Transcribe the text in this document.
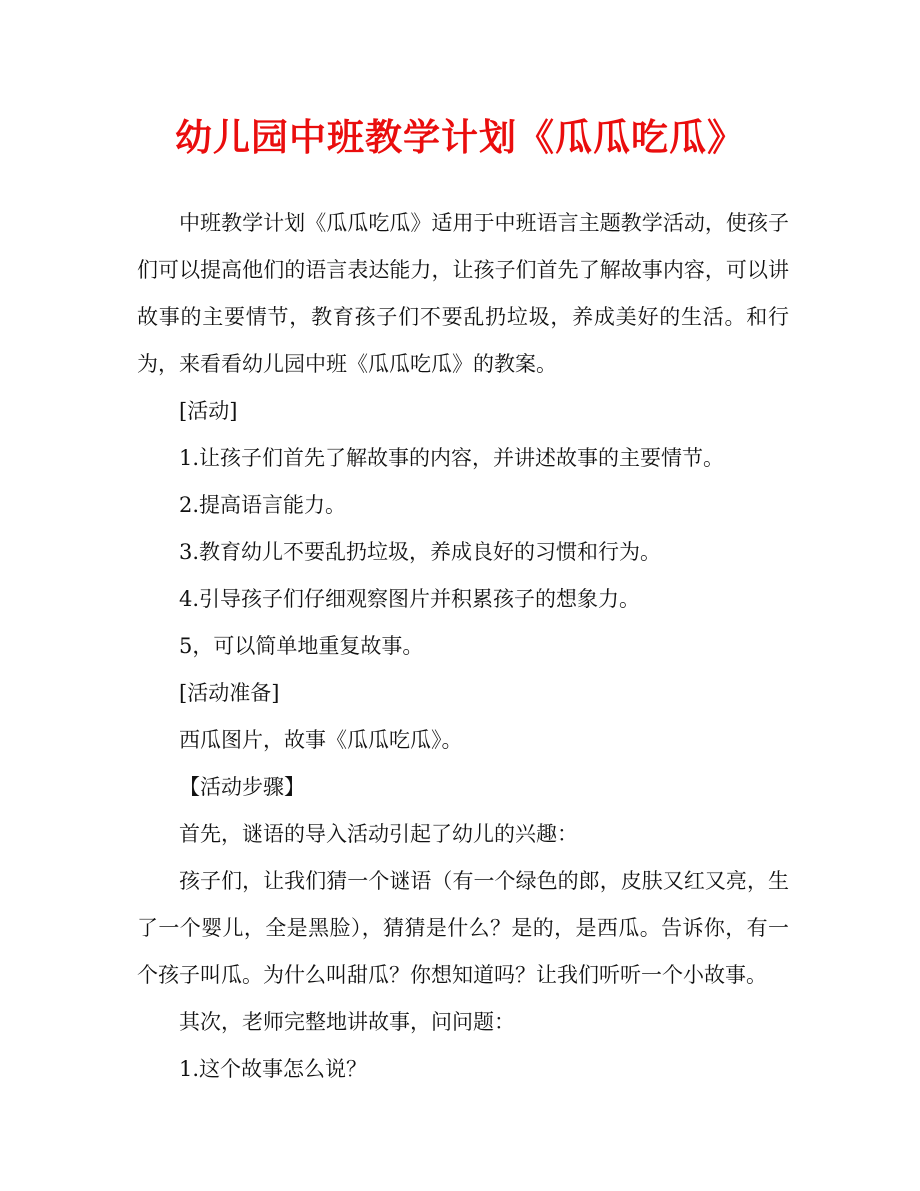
幼儿园中班教学计划《瓜瓜吃瓜》

中班教学计划《瓜瓜吃瓜》适用于中班语言主题教学活动，使孩子们可以提高他们的语言表达能力，让孩子们首先了解故事内容，可以讲故事的主要情节，教育孩子们不要乱扔垃圾，养成美好的生活。和行为，来看看幼儿园中班《瓜瓜吃瓜》的教案。

[活动]

1.让孩子们首先了解故事的内容，并讲述故事的主要情节。

2.提高语言能力。

3.教育幼儿不要乱扔垃圾，养成良好的习惯和行为。

4.引导孩子们仔细观察图片并积累孩子的想象力。

5，可以简单地重复故事。

[活动准备]

西瓜图片，故事《瓜瓜吃瓜》。

【活动步骤】

首先，谜语的导入活动引起了幼儿的兴趣：

孩子们，让我们猜一个谜语（有一个绿色的郎，皮肤又红又亮，生了一个婴儿，全是黑脸），猜猜是什么？是的，是西瓜。告诉你，有一个孩子叫瓜。为什么叫甜瓜？你想知道吗？让我们听听一个小故事。

其次，老师完整地讲故事，问问题：

1.这个故事怎么说？
